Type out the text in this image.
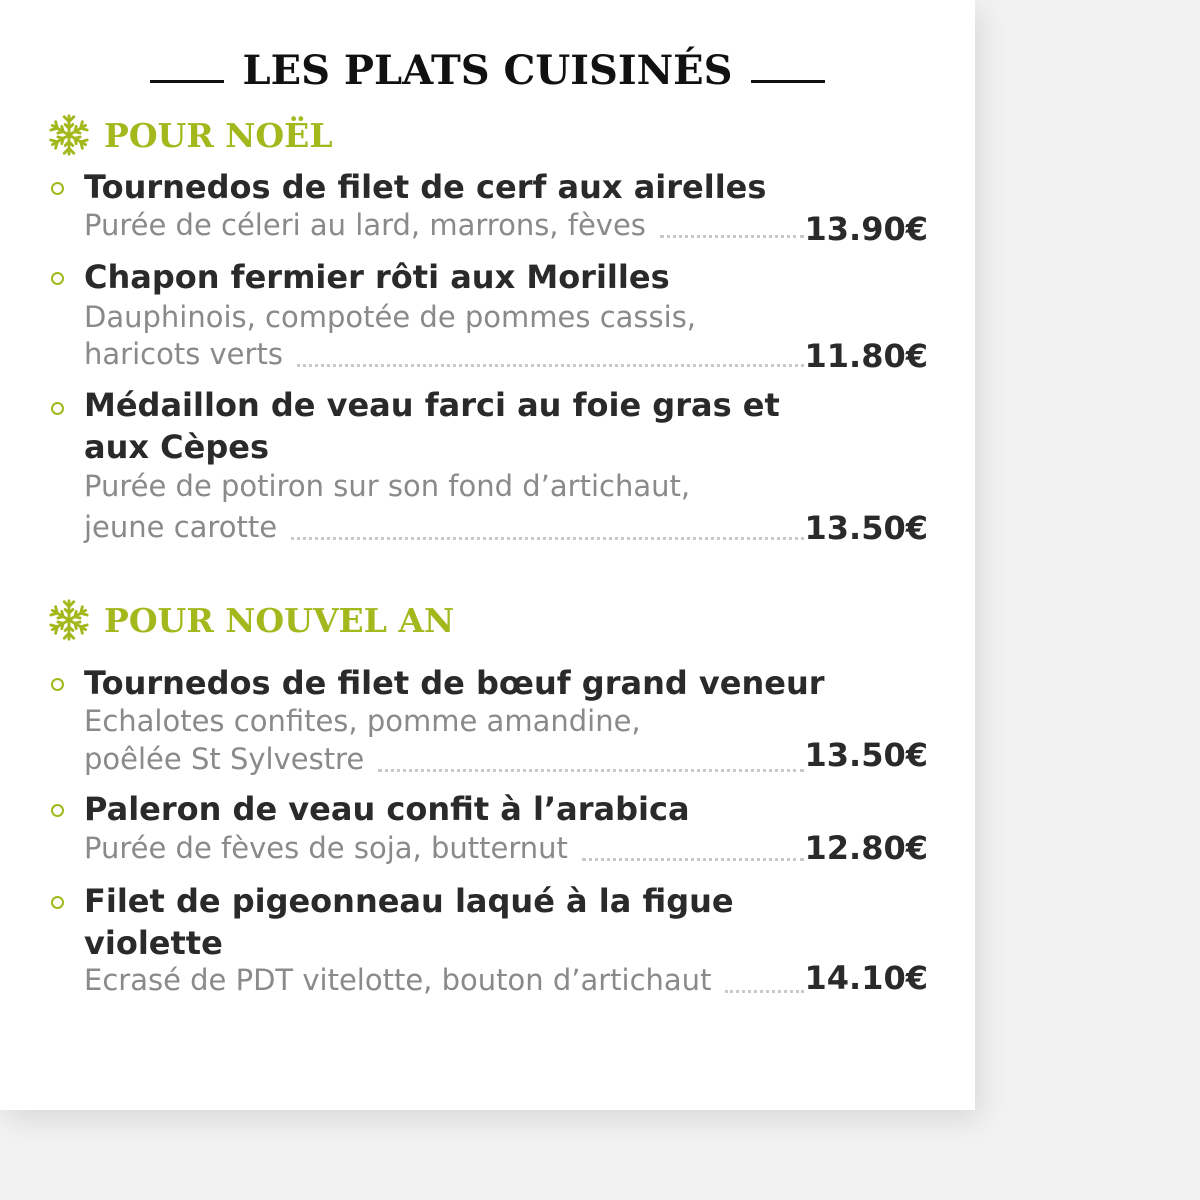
LES PLATS CUISINÉS
POUR NOËL
Tournedos de filet de cerf aux airelles
Purée de céleri au lard, marrons, fèves	13.90€
Chapon fermier rôti aux Morilles
Dauphinois, compotée de pommes cassis,
haricots verts	11.80€
Médaillon de veau farci au foie gras et
aux Cèpes
Purée de potiron sur son fond d’artichaut,
jeune carotte	13.50€
POUR NOUVEL AN
Tournedos de filet de bœuf grand veneur
Echalotes confites, pomme amandine,
poêlée St Sylvestre	13.50€
Paleron de veau confit à l’arabica
Purée de fèves de soja, butternut	12.80€
Filet de pigeonneau laqué à la figue
violette
Ecrasé de PDT vitelotte, bouton d’artichaut	14.10€
